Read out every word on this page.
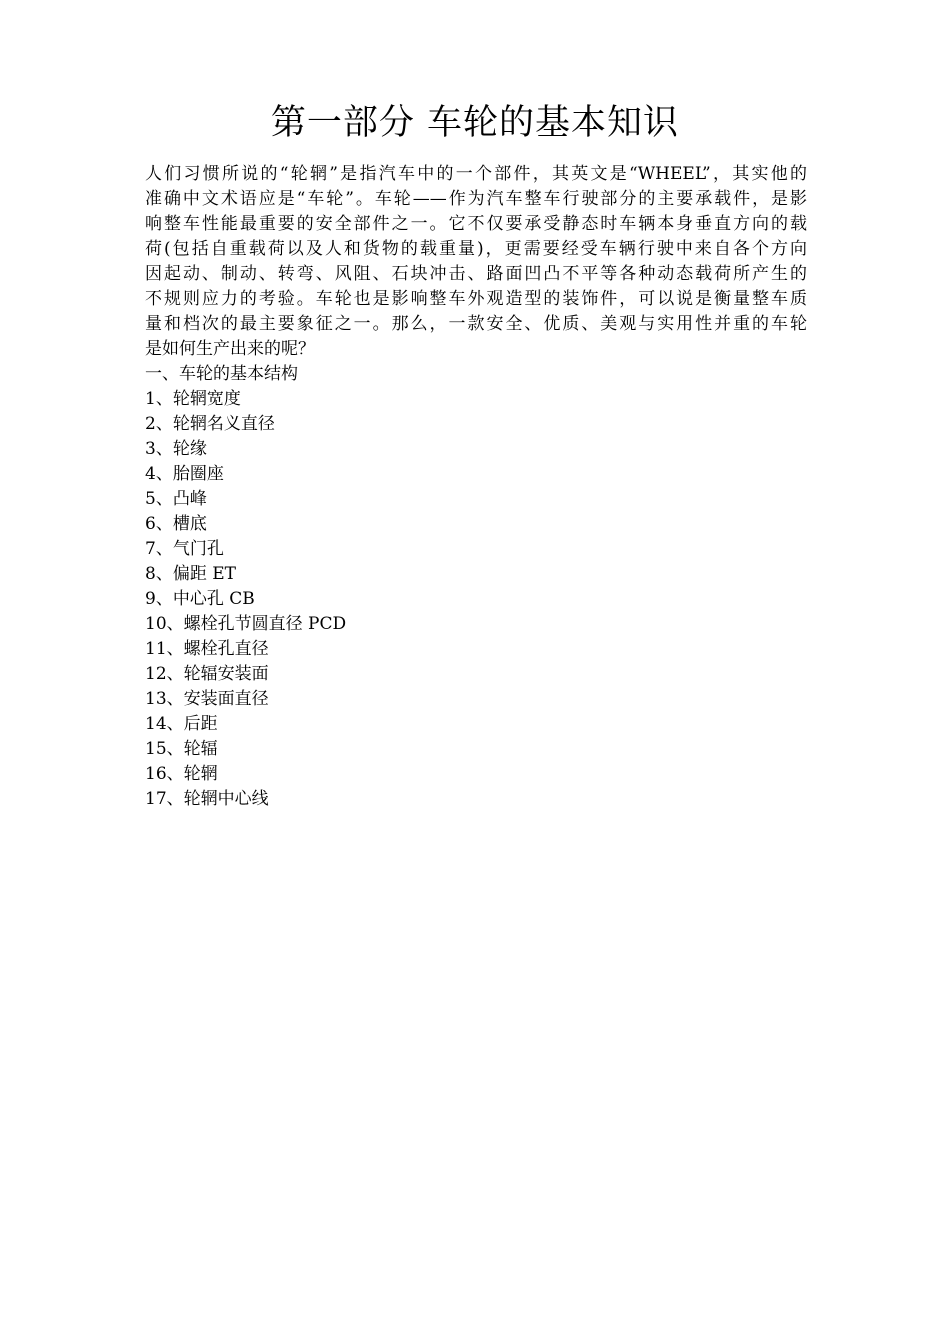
第一部分 车轮的基本知识
人们习惯所说的“轮辋”是指汽车中的一个部件，其英文是“WHEEL”，其实他的
准确中文术语应是“车轮”。车轮——作为汽车整车行驶部分的主要承载件，是影
响整车性能最重要的安全部件之一。它不仅要承受静态时车辆本身垂直方向的载
荷(包括自重载荷以及人和货物的载重量)，更需要经受车辆行驶中来自各个方向
因起动、制动、转弯、风阻、石块冲击、路面凹凸不平等各种动态载荷所产生的
不规则应力的考验。车轮也是影响整车外观造型的装饰件，可以说是衡量整车质
量和档次的最主要象征之一。那么，一款安全、优质、美观与实用性并重的车轮
是如何生产出来的呢？
一、车轮的基本结构
1、轮辋宽度
2、轮辋名义直径
3、轮缘
4、胎圈座
5、凸峰
6、槽底
7、气门孔
8、偏距 ET
9、中心孔 CB
10、螺栓孔节圆直径 PCD
11、螺栓孔直径
12、轮辐安装面
13、安装面直径
14、后距
15、轮辐
16、轮辋
17、轮辋中心线
